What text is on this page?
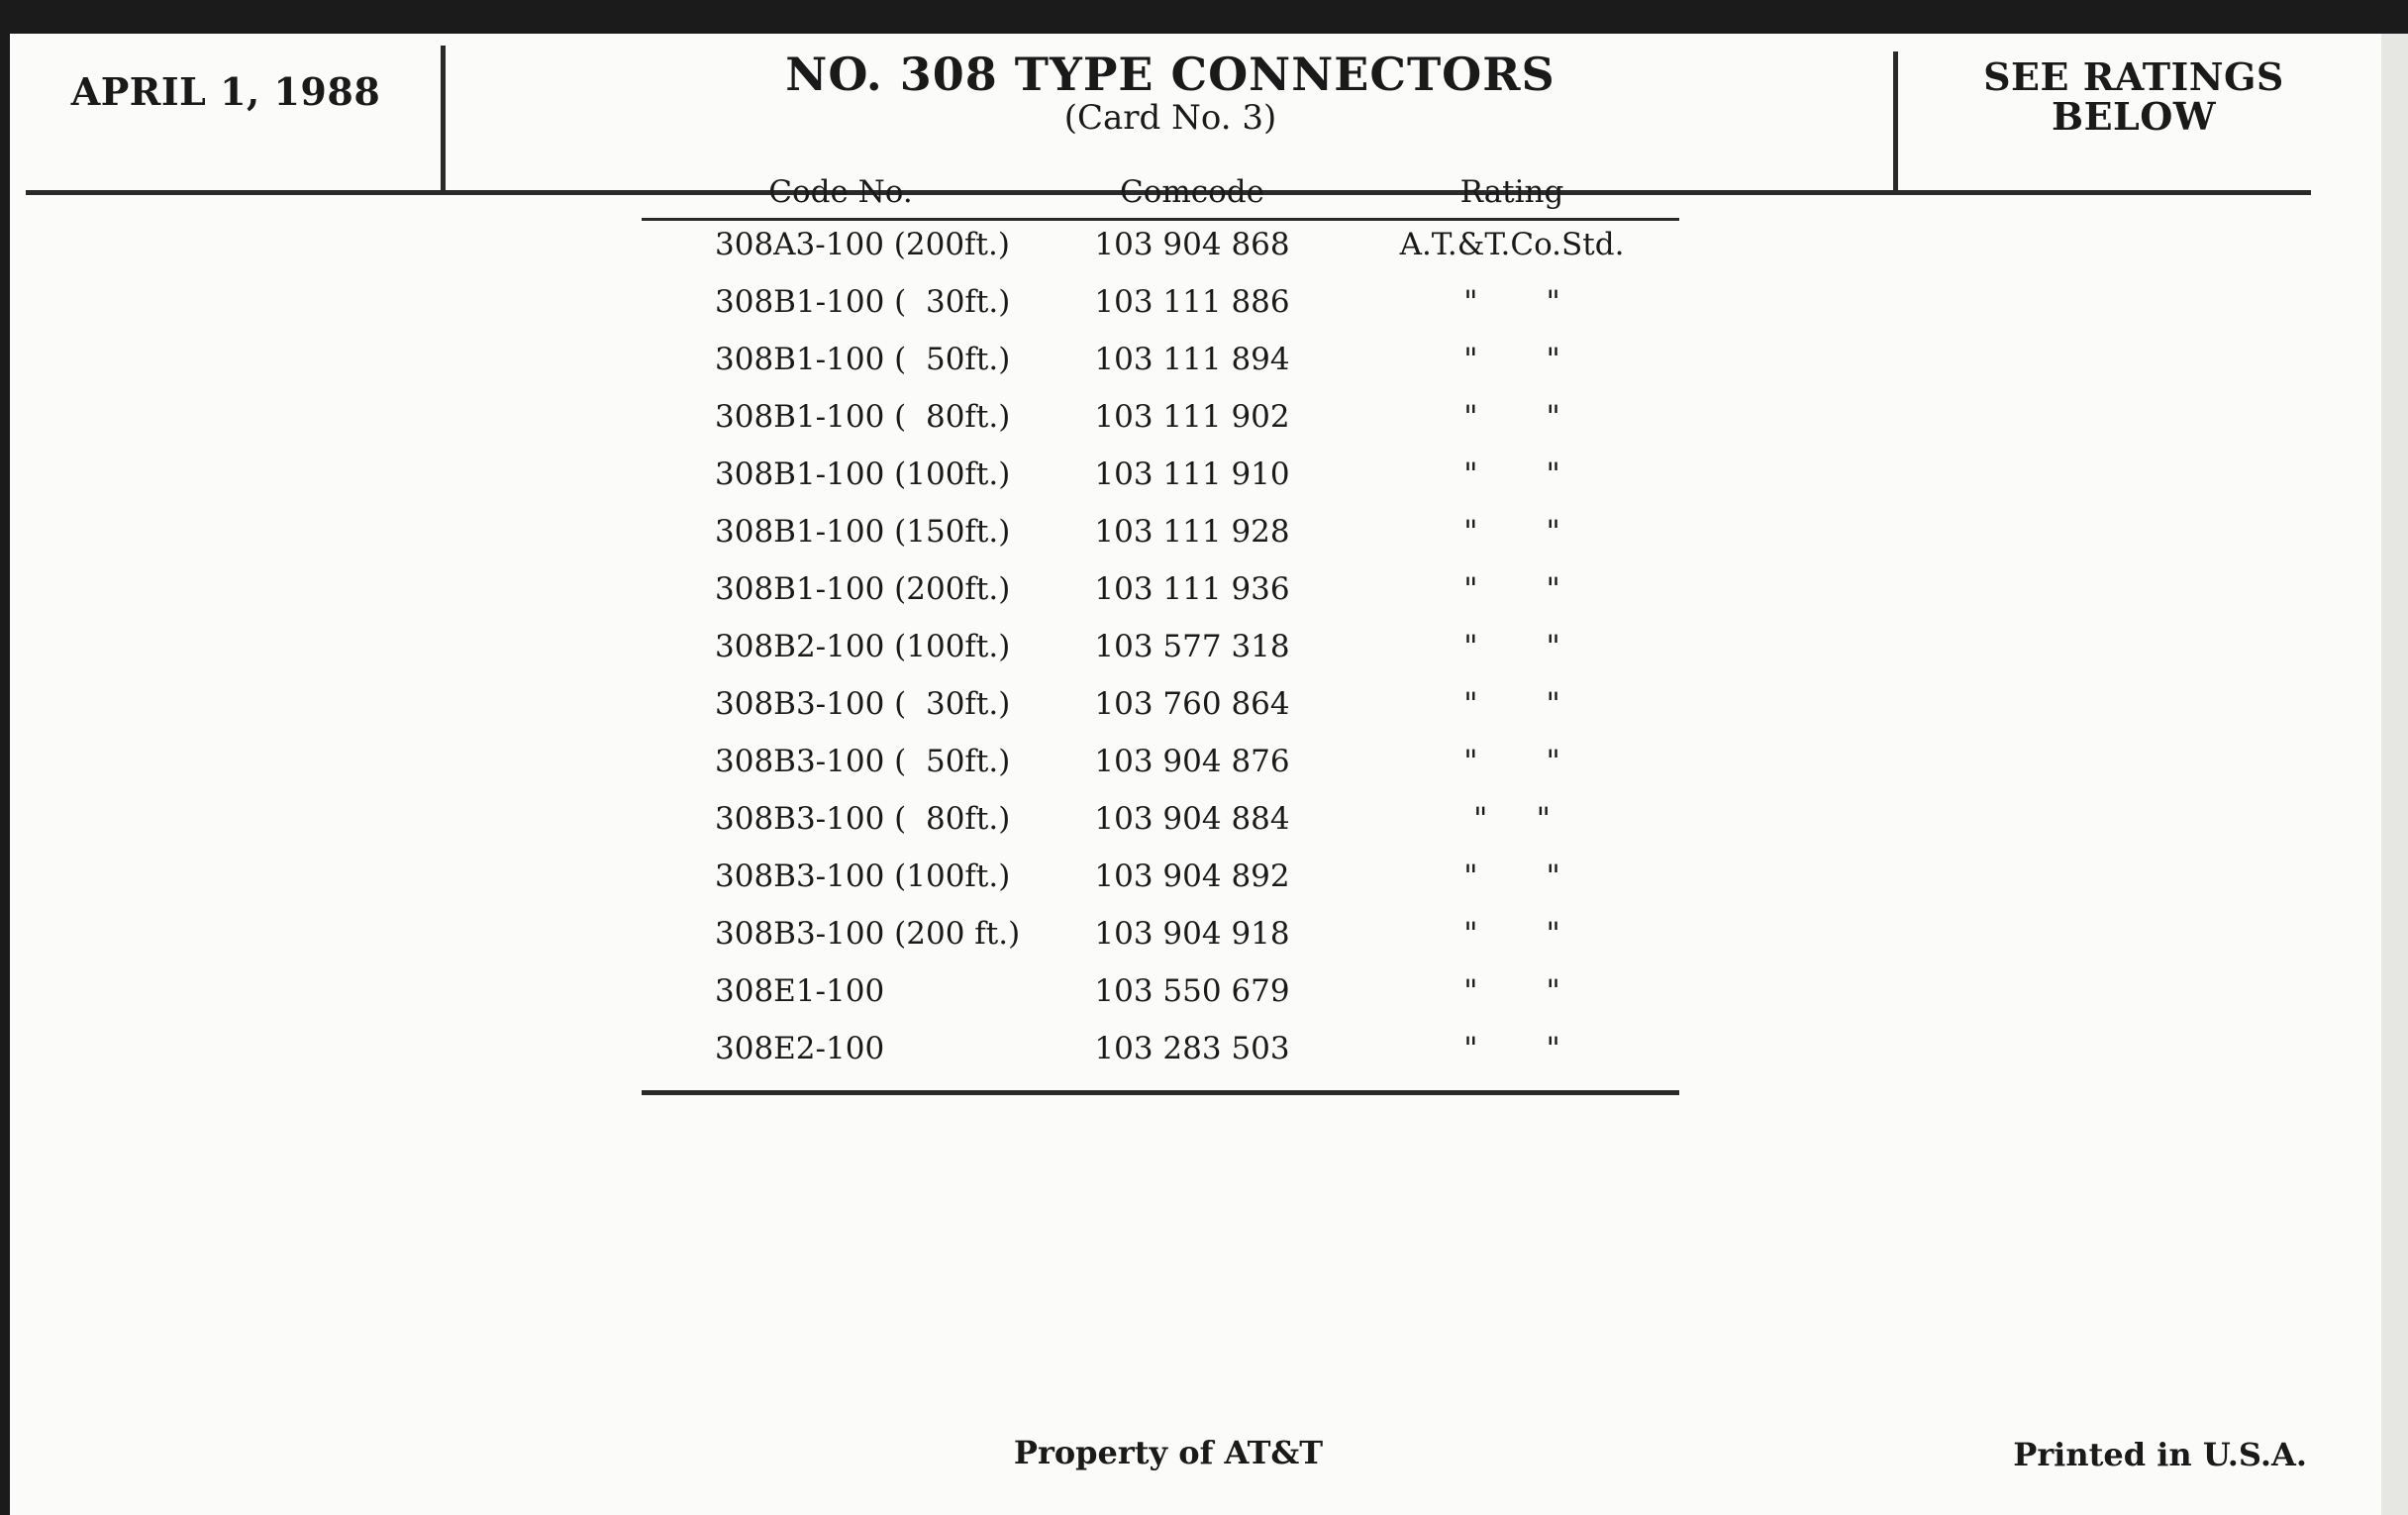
APRIL 1, 1988	NO. 308 TYPE CONNECTORS
(Card No. 3)
SEE RATINGS
BELOW
Code No.	Comcode	Rating
308A3-100 (200ft.)	103 904 868	A.T.&T.Co.Std.
308B1-100 (  30ft.)	103 111 886	"       "
308B1-100 (  50ft.)	103 111 894	"       "
308B1-100 (  80ft.)	103 111 902	"       "
308B1-100 (100ft.)	103 111 910	"       "
308B1-100 (150ft.)	103 111 928	"       "
308B1-100 (200ft.)	103 111 936	"       "
308B2-100 (100ft.)	103 577 318	"       "
308B3-100 (  30ft.)	103 760 864	"       "
308B3-100 (  50ft.)	103 904 876	"       "
308B3-100 (  80ft.)	103 904 884	"     "
308B3-100 (100ft.)	103 904 892	"       "
308B3-100 (200 ft.)	103 904 918	"       "
308E1-100	103 550 679	"       "
308E2-100	103 283 503	"       "
Property of AT&T	Printed in U.S.A.
